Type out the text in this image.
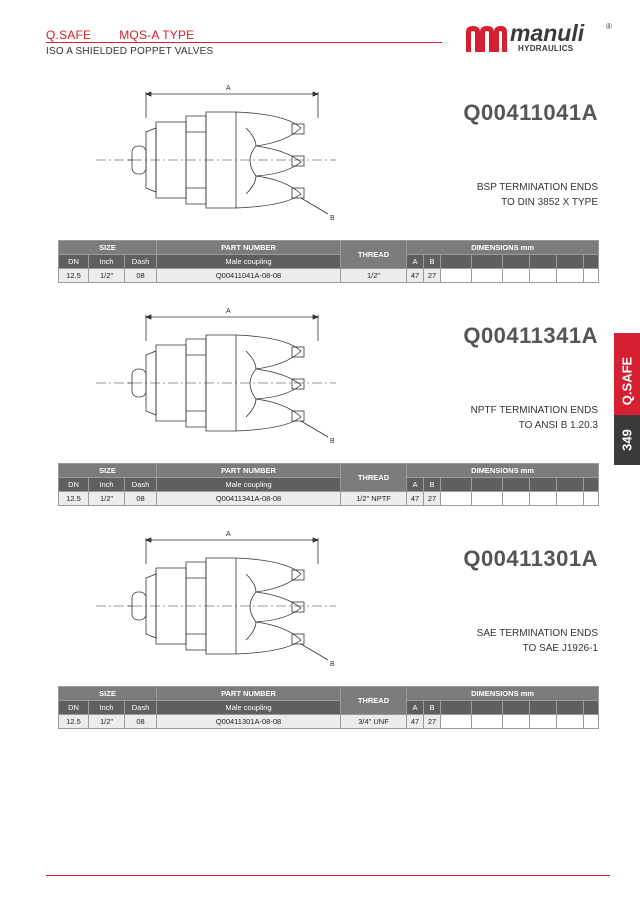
Q.SAFE MQS-A TYPE
ISO A SHIELDED POPPET VALVES
manuli	®
HYDRAULICS
Q.SAFE
349
A
B
Q00411041A
BSP TERMINATION ENDS
TO DIN 3852 X TYPE
SIZE			PART NUMBER	THREAD	DIMENSIONS mm							
DN	Inch	Dash	Male coupling		A	B						
12.5	1/2"	08	Q00411041A-08-08	1/2"	47	27						
A
B
Q00411341A
NPTF TERMINATION ENDS
TO ANSI B 1.20.3
SIZE			PART NUMBER	THREAD	DIMENSIONS mm							
DN	Inch	Dash	Male coupling		A	B						
12.5	1/2"	08	Q00411341A-08-08	1/2" NPTF	47	27						
A
B
Q00411301A
SAE TERMINATION ENDS
TO SAE J1926-1
SIZE			PART NUMBER	THREAD	DIMENSIONS mm							
DN	Inch	Dash	Male coupling		A	B						
12.5	1/2"	08	Q00411301A-08-08	3/4" UNF	47	27						
